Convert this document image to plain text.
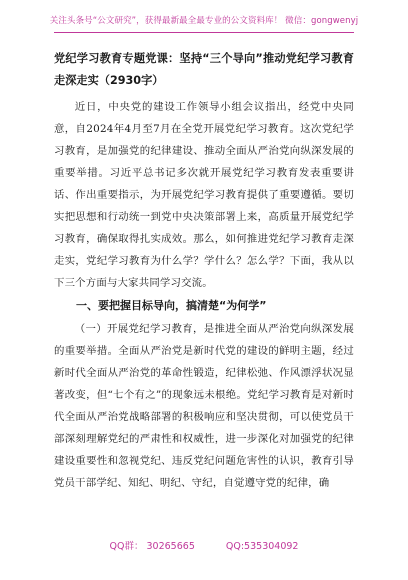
关注头条号“公文研究”，获得最新最全最专业的公文资料库！ 微信：gongwenyj

党纪学习教育专题党课：坚持“三个导向”推动党纪学习教育走深走实（2930字）

近日，中央党的建设工作领导小组会议指出，经党中央同意，自2024年4月至7月在全党开展党纪学习教育。这次党纪学习教育，是加强党的纪律建设、推动全面从严治党向纵深发展的重要举措。习近平总书记多次就开展党纪学习教育发表重要讲话、作出重要指示，为开展党纪学习教育提供了重要遵循。要切实把思想和行动统一到党中央决策部署上来，高质量开展党纪学习教育，确保取得扎实成效。那么，如何推进党纪学习教育走深走实，党纪学习教育为什么学？学什么？怎么学？下面，我从以下三个方面与大家共同学习交流。

一、要把握目标导向，搞清楚“为何学”

（一）开展党纪学习教育，是推进全面从严治党向纵深发展的重要举措。全面从严治党是新时代党的建设的鲜明主题，经过新时代全面从严治党的革命性锻造，纪律松弛、作风漂浮状况显著改变，但“七个有之”的现象远未根绝。党纪学习教育是对新时代全面从严治党战略部署的积极响应和坚决贯彻，可以使党员干部深刻理解党纪的严肃性和权威性，进一步深化对加强党的纪律建设重要性和忽视党纪、违反党纪问题危害性的认识，教育引导党员干部学纪、知纪、明纪、守纪，自觉遵守党的纪律，确

QQ群： 30265665	QQ:535304092
